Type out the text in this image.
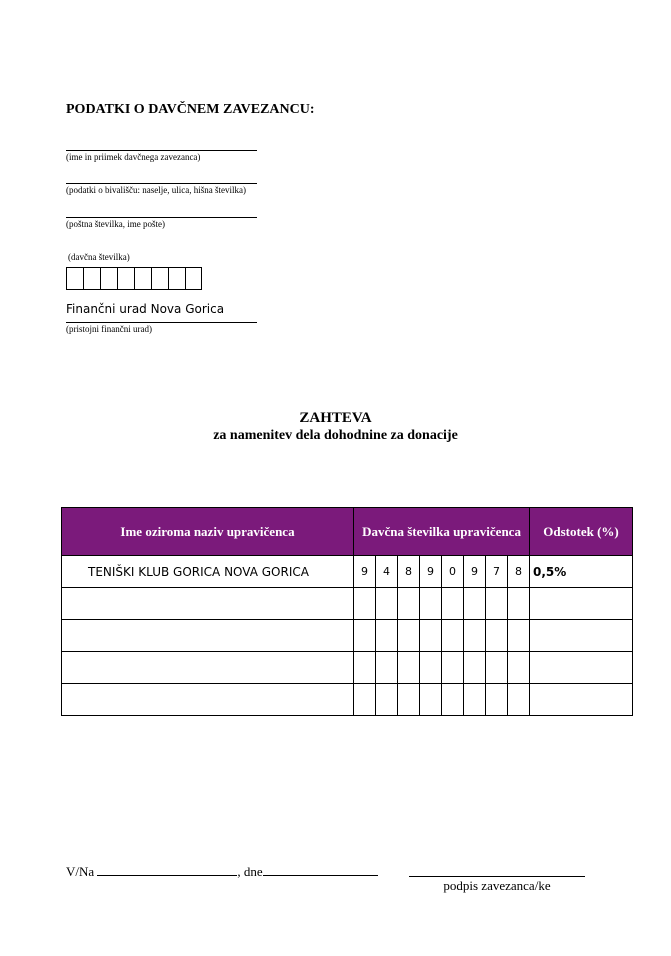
PODATKI O DAVČNEM ZAVEZANCU:
(ime in priimek davčnega zavezanca)
(podatki o bivališču: naselje, ulica, hišna številka)
(poštna številka, ime pošte)
(davčna številka)
Finančni urad Nova Gorica
(pristojni finančni urad)
ZAHTEVA
za namenitev dela dohodnine za donacije
Ime oziroma naziv upravičenca	Davčna številka upravičenca								Odstotek (%)
TENIŠKI KLUB GORICA NOVA GORICA	9	4	8	9	0	9	7	8	0,5%

V/Na	, dne
podpis zavezanca/ke
